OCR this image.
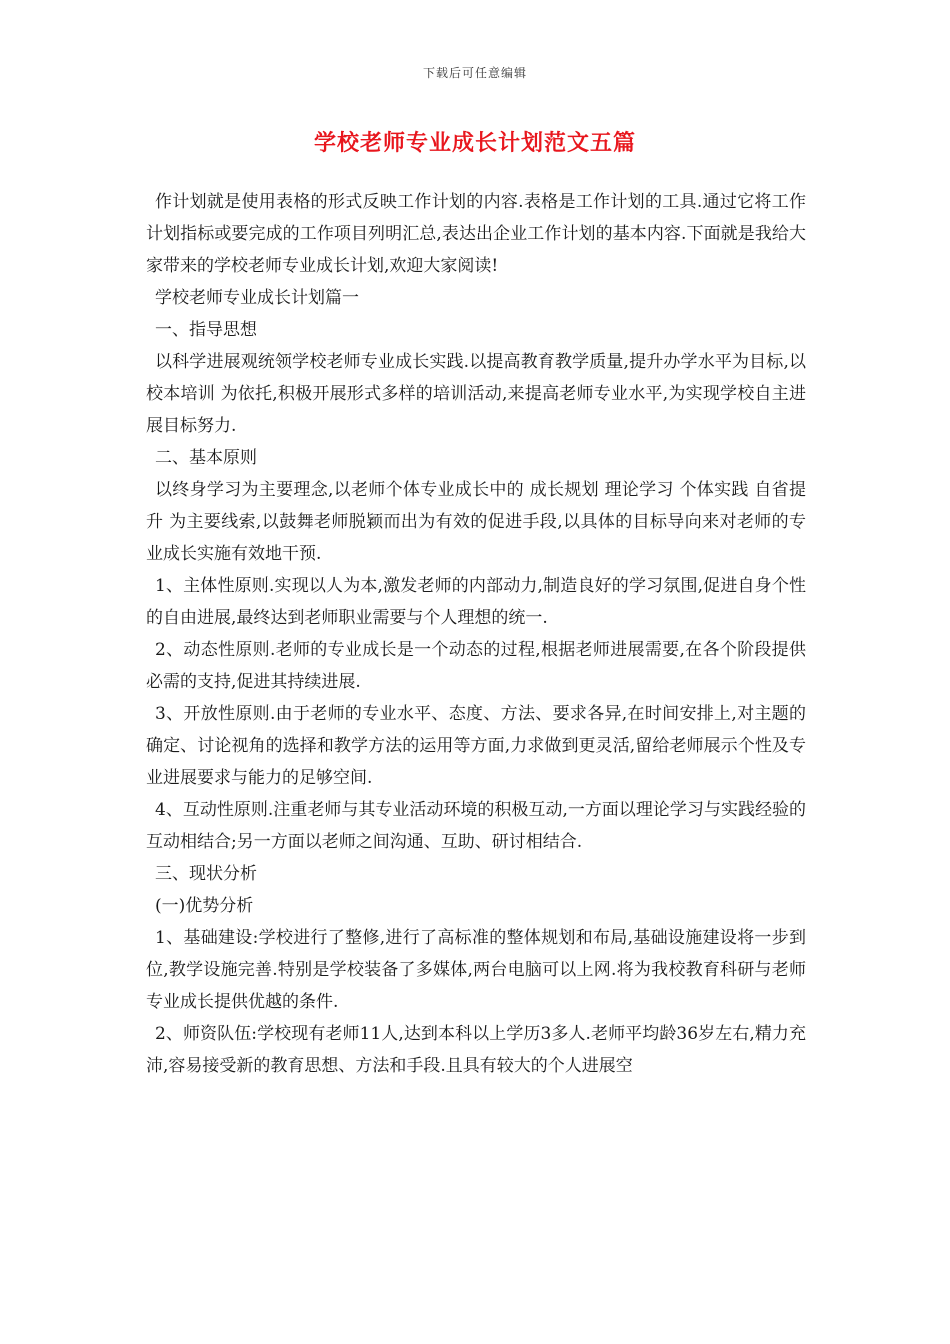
下载后可任意编辑
学校老师专业成长计划范文五篇

作计划就是使用表格的形式反映工作计划的内容.表格是工作计划的工具.通过它将工作计划指标或要完成的工作项目列明汇总,表达出企业工作计划的基本内容.下面就是我给大家带来的学校老师专业成长计划,欢迎大家阅读!

学校老师专业成长计划篇一

一、指导思想

以科学进展观统领学校老师专业成长实践.以提高教育教学质量,提升办学水平为目标,以 校本培训 为依托,积极开展形式多样的培训活动,来提高老师专业水平,为实现学校自主进展目标努力.

二、基本原则

以终身学习为主要理念,以老师个体专业成长中的 成长规划 理论学习 个体实践 自省提升 为主要线索,以鼓舞老师脱颖而出为有效的促进手段,以具体的目标导向来对老师的专业成长实施有效地干预.

1、主体性原则.实现以人为本,激发老师的内部动力,制造良好的学习氛围,促进自身个性的自由进展,最终达到老师职业需要与个人理想的统一.

2、动态性原则.老师的专业成长是一个动态的过程,根据老师进展需要,在各个阶段提供必需的支持,促进其持续进展.

3、开放性原则.由于老师的专业水平、态度、方法、要求各异,在时间安排上,对主题的确定、讨论视角的选择和教学方法的运用等方面,力求做到更灵活,留给老师展示个性及专业进展要求与能力的足够空间.

4、互动性原则.注重老师与其专业活动环境的积极互动,一方面以理论学习与实践经验的互动相结合;另一方面以老师之间沟通、互助、研讨相结合.

三、现状分析

(一)优势分析

1、基础建设:学校进行了整修,进行了高标准的整体规划和布局,基础设施建设将一步到位,教学设施完善.特别是学校装备了多媒体,两台电脑可以上网.将为我校教育科研与老师专业成长提供优越的条件.

2、师资队伍:学校现有老师11人,达到本科以上学历3多人.老师平均龄36岁左右,精力充沛,容易接受新的教育思想、方法和手段.且具有较大的个人进展空
